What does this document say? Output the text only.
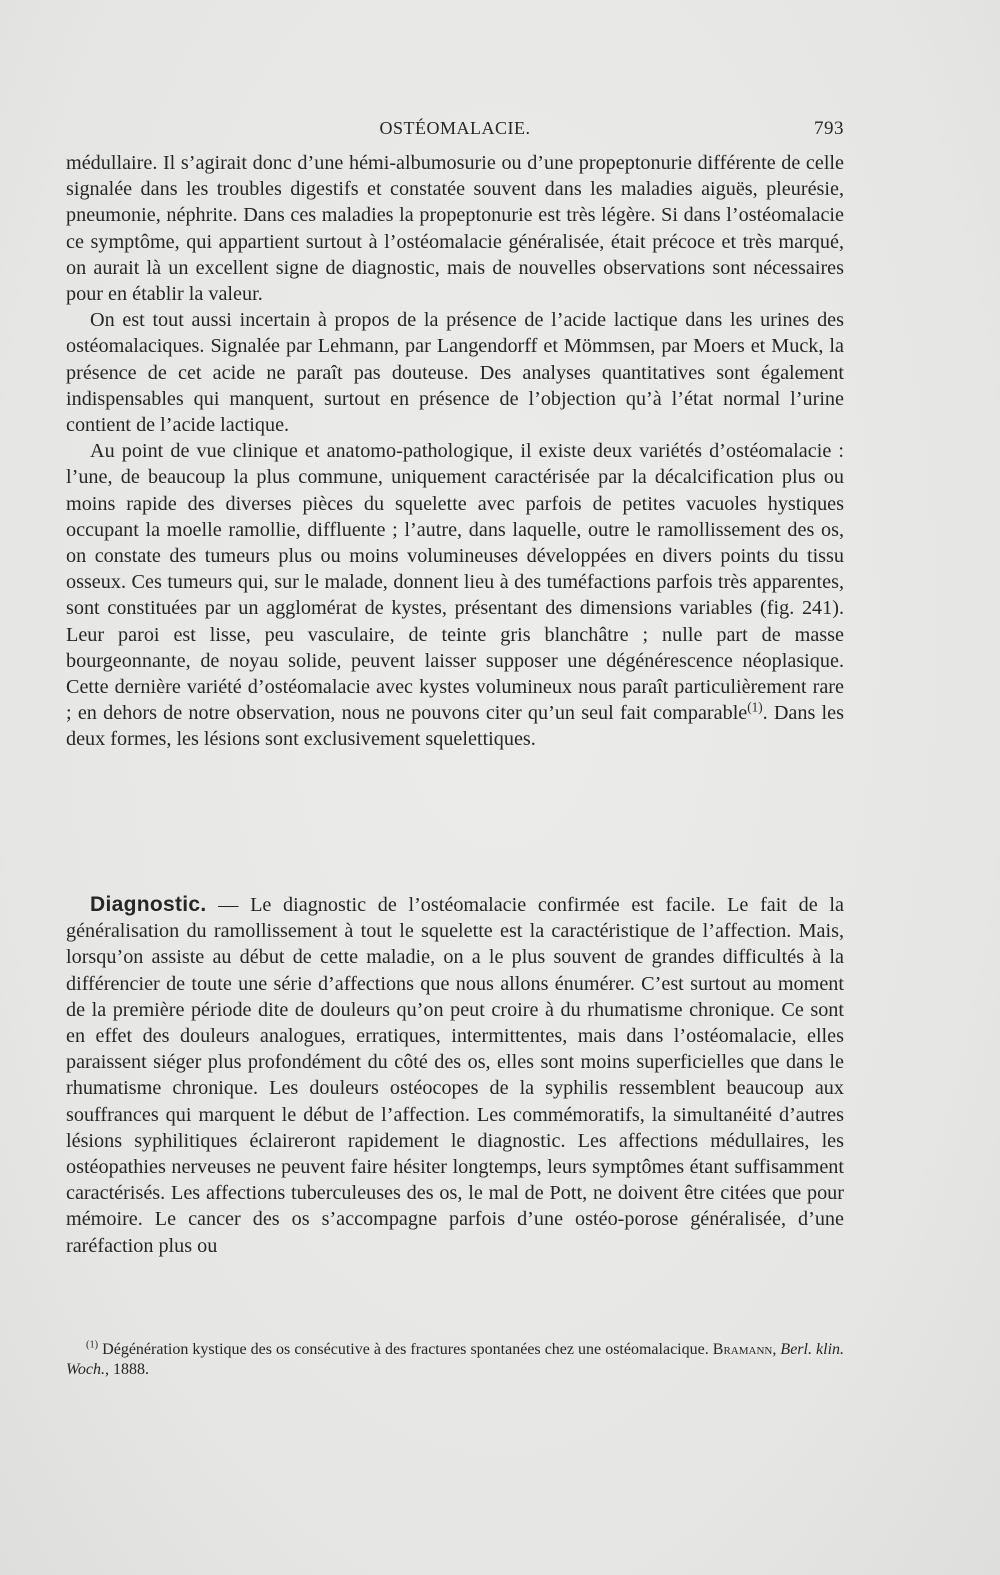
OSTÉOMALACIE.	793

médullaire. Il s’agirait donc d’une hémi-albumosurie ou d’une propeptonurie différente de celle signalée dans les troubles digestifs et constatée souvent dans les maladies aiguës, pleurésie, pneumonie, néphrite. Dans ces maladies la propeptonurie est très légère. Si dans l’ostéomalacie ce symptôme, qui appartient surtout à l’ostéomalacie généralisée, était précoce et très marqué, on aurait là un excellent signe de diagnostic, mais de nouvelles observations sont nécessaires pour en établir la valeur.

On est tout aussi incertain à propos de la présence de l’acide lactique dans les urines des ostéomalaciques. Signalée par Lehmann, par Langendorff et Mömmsen, par Moers et Muck, la présence de cet acide ne paraît pas douteuse. Des analyses quantitatives sont également indispensables qui manquent, surtout en présence de l’objection qu’à l’état normal l’urine contient de l’acide lactique.

Au point de vue clinique et anatomo-pathologique, il existe deux variétés d’ostéomalacie : l’une, de beaucoup la plus commune, uniquement caractérisée par la décalcification plus ou moins rapide des diverses pièces du squelette avec parfois de petites vacuoles hystiques occupant la moelle ramollie, diffluente ; l’autre, dans laquelle, outre le ramollissement des os, on constate des tumeurs plus ou moins volumineuses développées en divers points du tissu osseux. Ces tumeurs qui, sur le malade, donnent lieu à des tuméfactions parfois très apparentes, sont constituées par un agglomérat de kystes, présentant des dimensions variables (fig. 241). Leur paroi est lisse, peu vasculaire, de teinte gris blanchâtre ; nulle part de masse bourgeonnante, de noyau solide, peuvent laisser supposer une dégénérescence néoplasique. Cette dernière variété d’ostéomalacie avec kystes volumineux nous paraît particulièrement rare ; en dehors de notre observation, nous ne pouvons citer qu’un seul fait comparable$^{(1)}$. Dans les deux formes, les lésions sont exclusivement squelettiques.

Diagnostic. — Le diagnostic de l’ostéomalacie confirmée est facile. Le fait de la généralisation du ramollissement à tout le squelette est la caractéristique de l’affection. Mais, lorsqu’on assiste au début de cette maladie, on a le plus souvent de grandes difficultés à la différencier de toute une série d’affections que nous allons énumérer. C’est surtout au moment de la première période dite de douleurs qu’on peut croire à du rhumatisme chronique. Ce sont en effet des douleurs analogues, erratiques, intermittentes, mais dans l’ostéomalacie, elles paraissent siéger plus profondément du côté des os, elles sont moins superficielles que dans le rhumatisme chronique. Les douleurs ostéocopes de la syphilis ressemblent beaucoup aux souffrances qui marquent le début de l’affection. Les commémoratifs, la simultanéité d’autres lésions syphilitiques éclaireront rapidement le diagnostic. Les affections médullaires, les ostéopathies nerveuses ne peuvent faire hésiter longtemps, leurs symptômes étant suffisamment caractérisés. Les affections tuberculeuses des os, le mal de Pott, ne doivent être citées que pour mémoire. Le cancer des os s’accompagne parfois d’une ostéo-porose généralisée, d’une raréfaction plus ou

$^{(1)}$ Dégénération kystique des os consécutive à des fractures spontanées chez une ostéomalacique. Bramann, Berl. klin. Woch., 1888.
